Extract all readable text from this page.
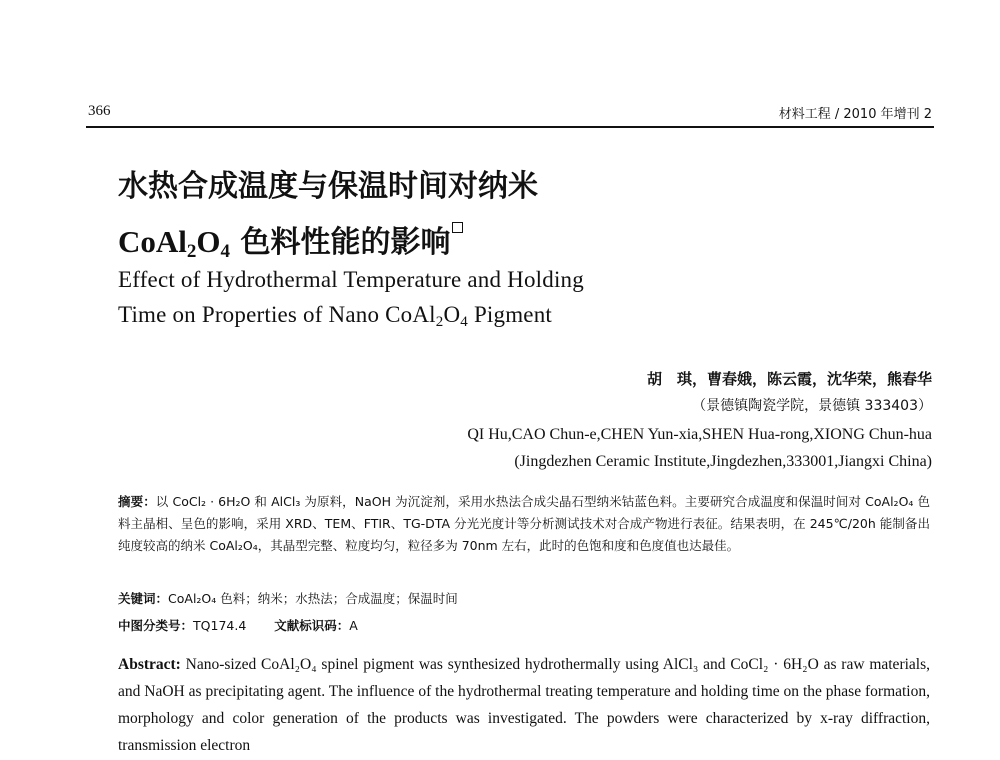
366	材料工程 / 2010 年增刊 2
水热合成温度与保温时间对纳米
$CoAl_2O_4$ 色料性能的影响
Effect of Hydrothermal Temperature and Holding
Time on Properties of Nano $CoAl_2O_4$ Pigment
胡　琪，曹春娥，陈云霞，沈华荣，熊春华
（景德镇陶瓷学院，景德镇 333403）
QI Hu,CAO Chun-e,CHEN Yun-xia,SHEN Hua-rong,XIONG Chun-hua
(Jingdezhen Ceramic Institute,Jingdezhen,333001,Jiangxi China)

摘要：以 CoCl₂ · 6H₂O 和 AlCl₃ 为原料，NaOH 为沉淀剂，采用水热法合成尖晶石型纳米钴蓝色料。主要研究合成温度和保温时间对 CoAl₂O₄ 色料主晶相、呈色的影响，采用 XRD、TEM、FTIR、TG-DTA 分光光度计等分析测试技术对合成产物进行表征。结果表明，在 245℃/20h 能制备出纯度较高的纳米 CoAl₂O₄，其晶型完整、粒度均匀，粒径多为 70nm 左右，此时的色饱和度和色度值也达最佳。

关键词：CoAl₂O₄ 色料；纳米；水热法；合成温度；保温时间
中图分类号：TQ174.4 文献标识码：A

Abstract: Nano-sized CoAl₂O₄ spinel pigment was synthesized hydrothermally using AlCl₃ and CoCl₂ · 6H₂O as raw materials, and NaOH as precipitating agent. The influence of the hydrothermal treating temperature and holding time on the phase formation, morphology and color generation of the products was investigated. The powders were characterized by x-ray diffraction, transmission electron
